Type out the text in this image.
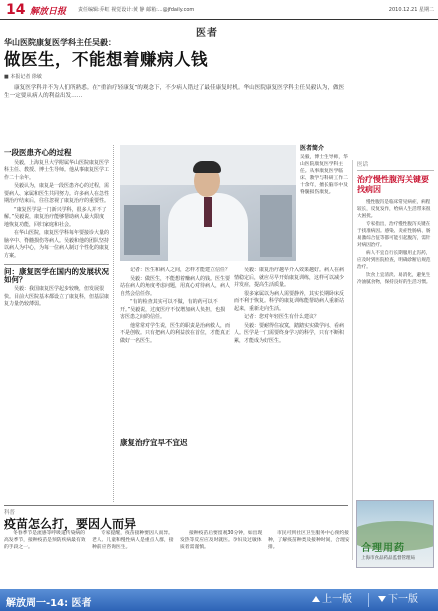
14 解放日报 责任编辑:乔虹 视觉设计:黄 静 邮箱:...@jfdaily.com	2010.12.21 星期二
医者
华山医院康复医学科主任吴毅：
做医生，不能想着赚病人钱
■ 本报记者 徐敏
康复医学科并不为人们所熟悉。在“重治疗轻康复”的观念下，不少病人错过了最佳康复时机。华山医院康复医学科主任吴毅认为，做医生一定要从病人的利益出发……
一段医患齐心的过程

吴毅，上海复旦大学附属华山医院康复医学科主任、教授、博士生导师。他从事康复医学工作二十余年。

吴毅认为，康复是一段医患齐心的过程，需要病人、家属和医生共同努力。许多病人在急性期治疗结束后，往往忽视了康复治疗的重要性。

“康复医学是一门新兴学科，很多人并不了解。”吴毅说，康复治疗能够帮助病人最大限度地恢复功能，回归家庭和社会。

在华山医院，康复医学科每年要接诊大量的脑卒中、脊髓损伤等病人。吴毅和他的团队坚持以病人为中心，为每一位病人制订个性化的康复方案。

问：康复医学在国内的发展状况如何？

吴毅：我国康复医学起步较晚，但发展很快。目前大医院基本都设立了康复科，但基层康复力量仍较薄弱。

医者简介
吴毅，博士生导师，华山医院康复医学科主任。从事康复医学临床、教学与科研工作二十余年，擅长脑卒中及脊髓损伤康复。

记者：医生和病人之间，怎样才能建立信任？

吴毅：做医生，不能想着赚病人的钱。医生要站在病人的角度考虑问题，用真心对待病人，病人自然会信任你。

“有的检查其实可以不做，有的药可以不开。”吴毅说，过度医疗不仅增加病人负担，也损害医患之间的信任。

他常常对学生说，医生的职责是治病救人，而不是创收。只有把病人的利益放在首位，才能真正做好一名医生。

康复治疗宜早不宜迟

吴毅：康复治疗越早介入效果越好。病人在病情稳定后，就应尽早开始康复训练，这样可以减少并发症，提高生活质量。

很多家属以为病人需要静养，其实长期卧床反而不利于恢复。科学的康复训练能帮助病人重新站起来，重新走向生活。

记者：您对年轻医生有什么建议？

吴毅：要耐得住寂寞，踏踏实实做学问、看病人。医学是一门需要终身学习的科学，只有不断积累，才能成为好医生。

医话
治疗慢性腹泻关键要找病因

慢性腹泻是临床常见病症，病程较长，反复发作，给病人生活带来很大困扰。

专家指出，治疗慢性腹泻关键在于找准病因。感染、炎症性肠病、肠易激综合征等都可能引起腹泻，需针对病因治疗。

病人不宜自行长期服用止泻药，应及时到医院检查，明确诊断后规范治疗。

饮食上宜清淡、易消化，避免生冷油腻食物，保持良好的生活习惯。

合理用药
上海市食品药品监督管理局
科普
疫苗怎么打，要因人而异

冬春季节是流感等呼吸道传染病的高发季节，接种疫苗是预防疾病最有效的手段之一。

专家提醒，疫苗接种要因人而异。老人、儿童和慢性病人是重点人群，接种前应咨询医生。

接种疫苗后要留观30分钟，如出现发热等反应应及时就医。孕妇及过敏体质者需谨慎。

市民可到社区卫生服务中心预约接种，了解疫苗种类及接种时间，合理安排。

解放周一-14: 医者	上一版	下一版
